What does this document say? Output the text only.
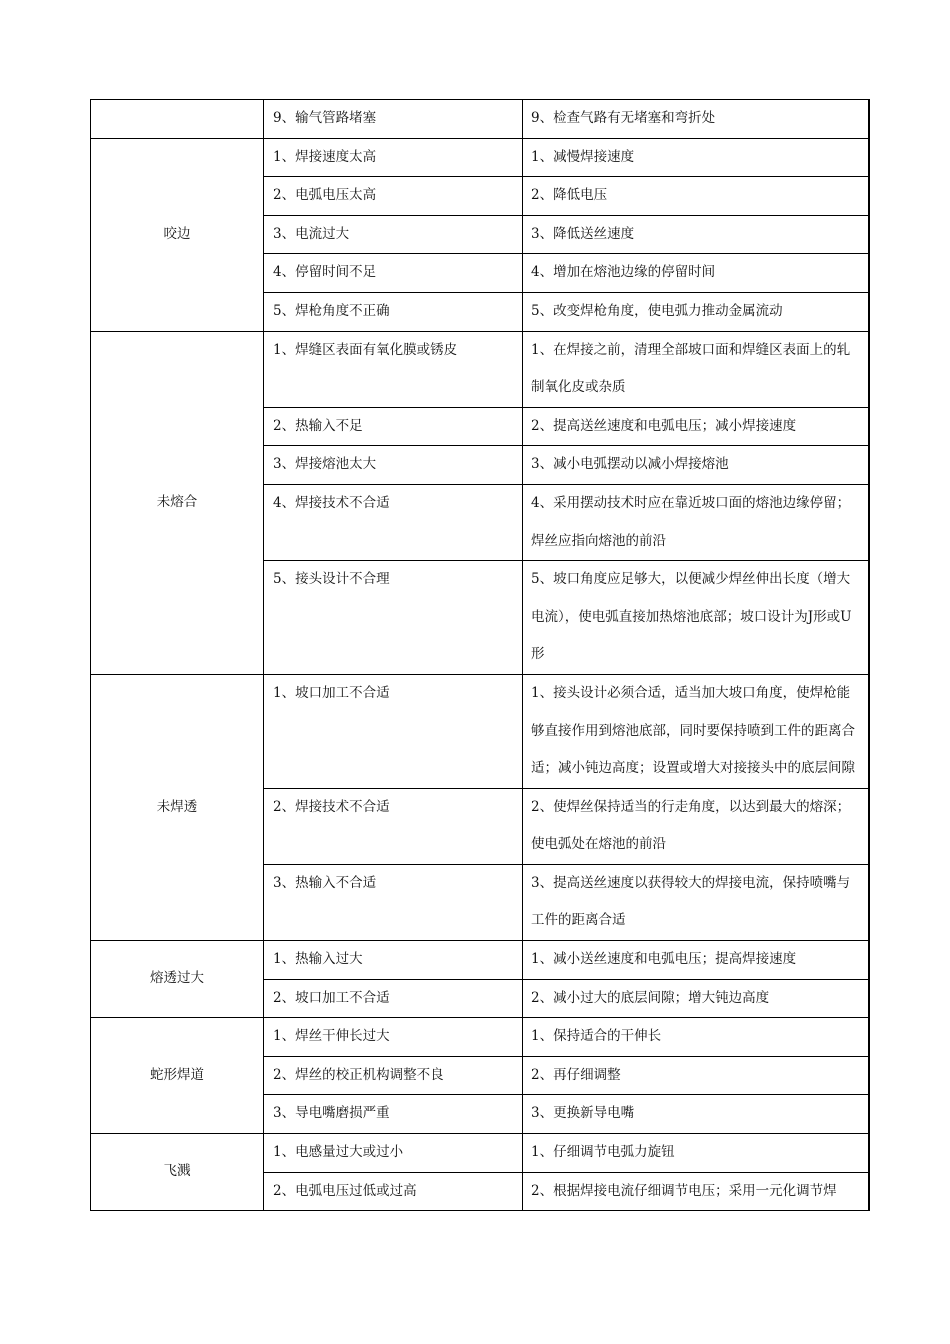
	9、输气管路堵塞	9、检查气路有无堵塞和弯折处
咬边	1、焊接速度太高	1、减慢焊接速度
	2、电弧电压太高	2、降低电压
	3、电流过大	3、降低送丝速度
	4、停留时间不足	4、增加在熔池边缘的停留时间
	5、焊枪角度不正确	5、改变焊枪角度，使电弧力推动金属流动
未熔合	1、焊缝区表面有氧化膜或锈皮	1、在焊接之前，清理全部坡口面和焊缝区表面上的轧制氧化皮或杂质
	2、热输入不足	2、提高送丝速度和电弧电压；减小焊接速度
	3、焊接熔池太大	3、减小电弧摆动以减小焊接熔池
	4、焊接技术不合适	4、采用摆动技术时应在靠近坡口面的熔池边缘停留；焊丝应指向熔池的前沿
	5、接头设计不合理	5、坡口角度应足够大，以便减少焊丝伸出长度（增大电流），使电弧直接加热熔池底部；坡口设计为J形或U形
未焊透	1、坡口加工不合适	1、接头设计必须合适，适当加大坡口角度，使焊枪能够直接作用到熔池底部，同时要保持喷到工件的距离合适；减小钝边高度；设置或增大对接接头中的底层间隙
	2、焊接技术不合适	2、使焊丝保持适当的行走角度，以达到最大的熔深；使电弧处在熔池的前沿
	3、热输入不合适	3、提高送丝速度以获得较大的焊接电流，保持喷嘴与工件的距离合适
熔透过大	1、热输入过大	1、减小送丝速度和电弧电压；提高焊接速度
	2、坡口加工不合适	2、减小过大的底层间隙；增大钝边高度
蛇形焊道	1、焊丝干伸长过大	1、保持适合的干伸长
	2、焊丝的校正机构调整不良	2、再仔细调整
	3、导电嘴磨损严重	3、更换新导电嘴
飞溅	1、电感量过大或过小	1、仔细调节电弧力旋钮
	2、电弧电压过低或过高	2、根据焊接电流仔细调节电压；采用一元化调节焊
